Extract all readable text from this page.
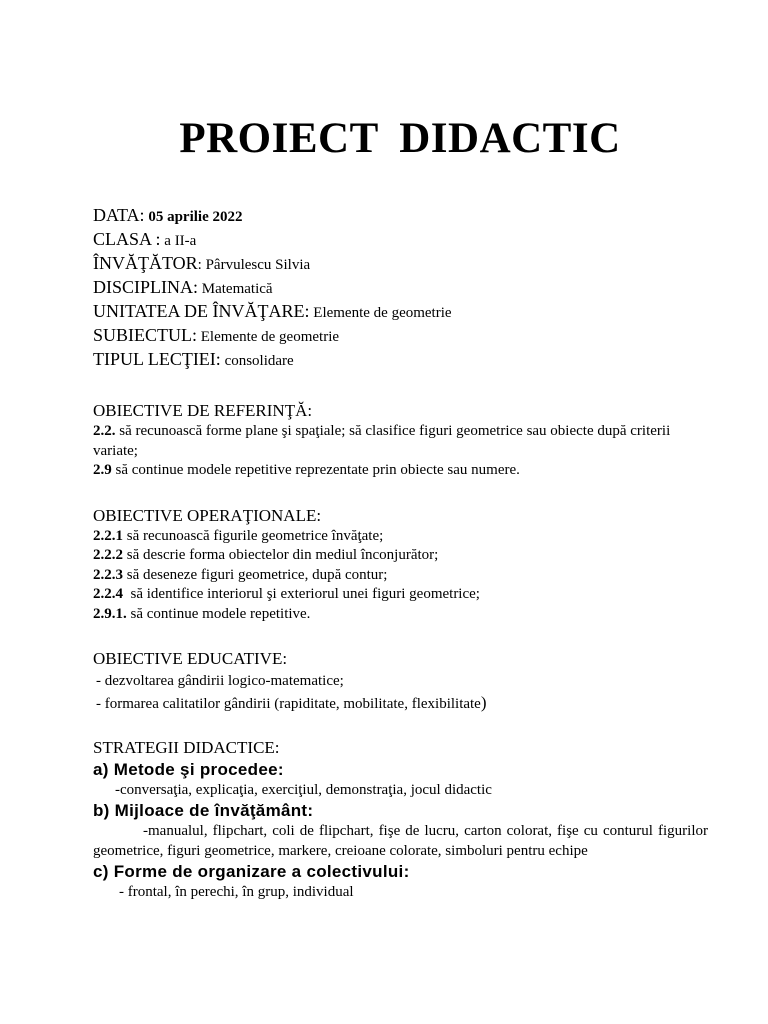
PROIECT DIDACTIC
DATA: 05 aprilie 2022
CLASA : a II-a
ÎNVĂŢĂTOR: Pârvulescu Silvia
DISCIPLINA: Matematică
UNITATEA DE ÎNVĂŢARE: Elemente de geometrie
SUBIECTUL: Elemente de geometrie
TIPUL LECŢIEI: consolidare
OBIECTIVE DE REFERINŢĂ:
2.2. să recunoască forme plane şi spaţiale; să clasifice figuri geometrice sau obiecte după criterii variate;
2.9 să continue modele repetitive reprezentate prin obiecte sau numere.
OBIECTIVE OPERAŢIONALE:
2.2.1 să recunoască figurile geometrice învăţate;
2.2.2 să descrie forma obiectelor din mediul înconjurător;
2.2.3 să deseneze figuri geometrice, după contur;
2.2.4  să identifice interiorul şi exteriorul unei figuri geometrice;
2.9.1. să continue modele repetitive.
OBIECTIVE EDUCATIVE:
- dezvoltarea gândirii logico-matematice;
- formarea calitatilor gândirii (rapiditate, mobilitate, flexibilitate)
STRATEGII DIDACTICE:
a) Metode şi procedee:
-conversaţia, explicaţia, exerciţiul, demonstraţia, jocul didactic
b) Mijloace de învăţământ:
-manualul, flipchart, coli de flipchart, fişe de lucru, carton colorat, fişe cu conturul figurilor geometrice, figuri geometrice, markere, creioane colorate, simboluri pentru echipe
c) Forme de organizare a colectivului:
- frontal, în perechi, în grup, individual
